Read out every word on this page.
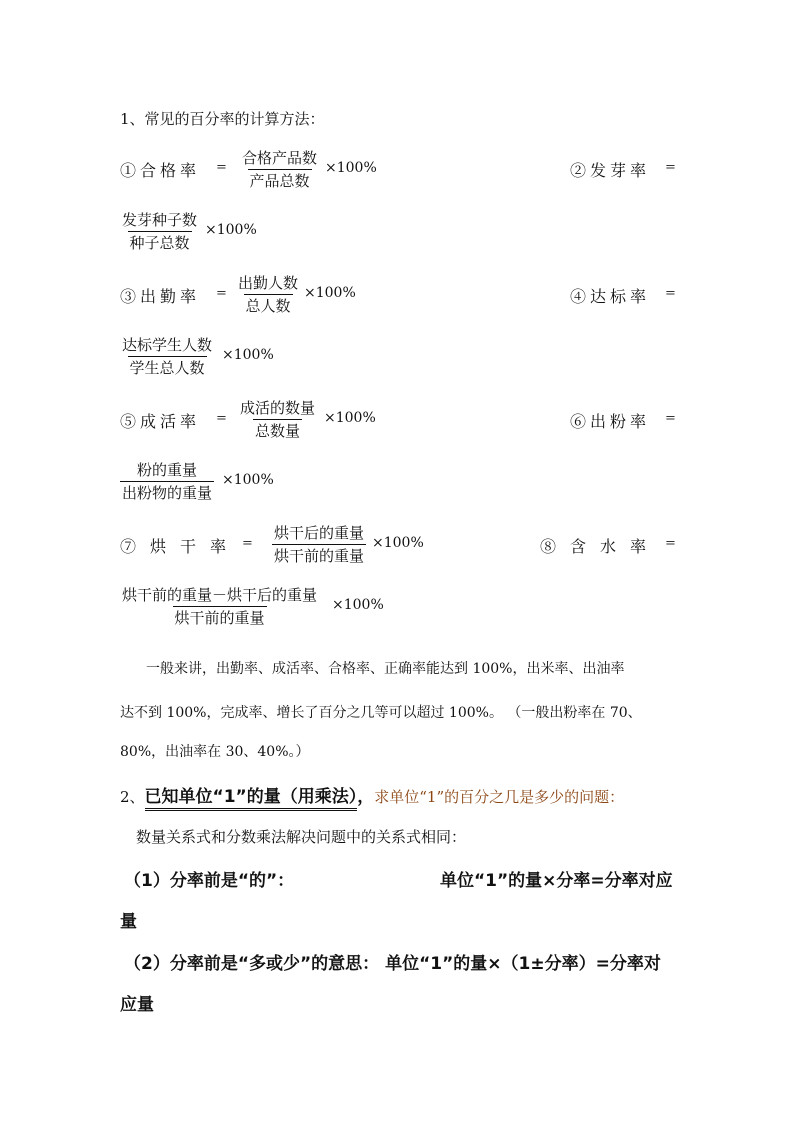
1、常见的百分率的计算方法：
①合格率 =
合格产品数
产品总数
×100%	②发芽率 =
发芽种子数
种子总数
×100%
③出勤率 =
出勤人数
总人数
×100%	④达标率 =
达标学生人数
学生总人数
×100%
⑤成活率 =
成活的数量
总数量
×100%	⑥出粉率 =
粉的重量
出粉物的重量
×100%
⑦烘干率 =
烘干后的重量
烘干前的重量
×100%	⑧含水率 =
烘干前的重量－烘干后的重量
烘干前的重量
×100%
一般来讲，出勤率、成活率、合格率、正确率能达到 100%，出米率、出油率
达不到 100%，完成率、增长了百分之几等可以超过 100%。 （一般出粉率在 70、
80%，出油率在 30、40%。）
2、已知单位“1”的量（用乘法），求单位“1”的百分之几是多少的问题：
数量关系式和分数乘法解决问题中的关系式相同：
（1）分率前是“的”：	单位“1”的量×分率=分率对应
量
（2）分率前是“多或少”的意思： 单位“1”的量×（1±分率）=分率对
应量
